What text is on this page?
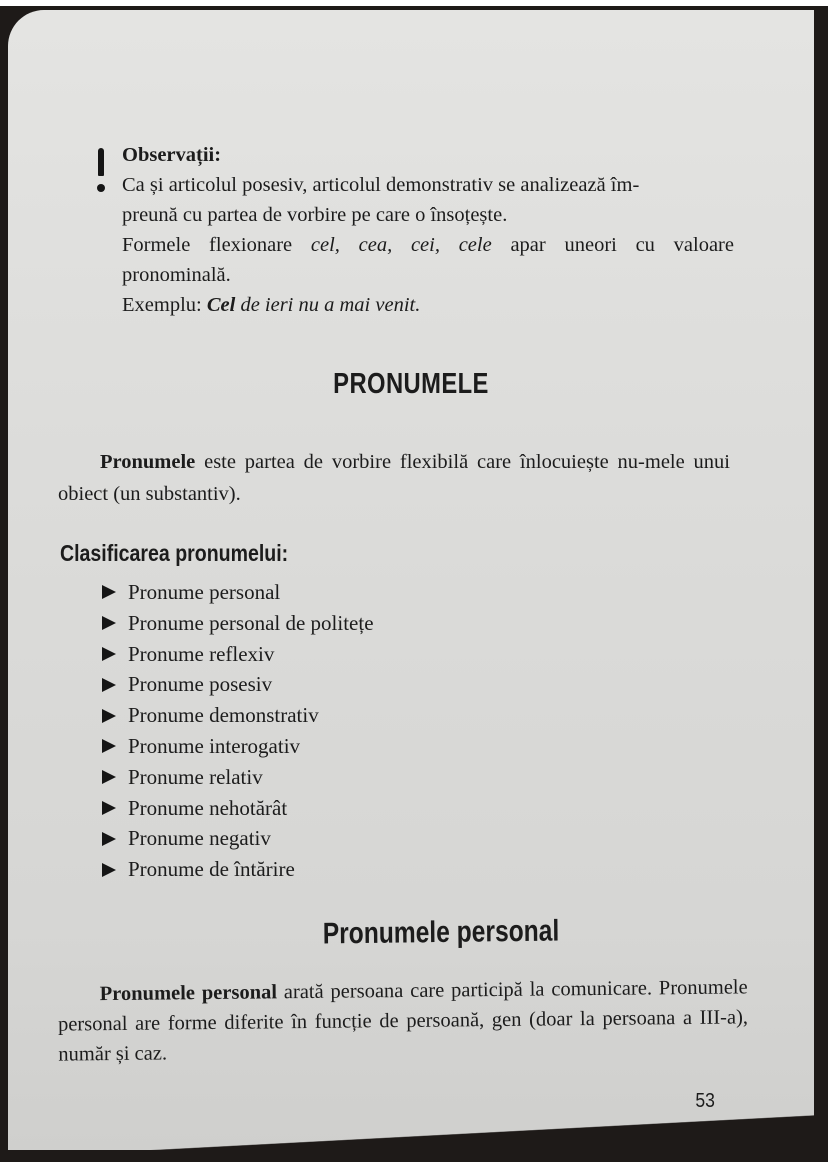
Observații:
Ca și articolul posesiv, articolul demonstrativ se analizează îm-
preună cu partea de vorbire pe care o însoțește.
Formele flexionare cel, cea, cei, cele apar uneori cu valoare
pronominală.
Exemplu: Cel de ieri nu a mai venit.
PRONUMELE
Pronumele este partea de vorbire flexibilă care înlocuiește nu-mele unui obiect (un substantiv).
Clasificarea pronumelui:
Pronume personal
Pronume personal de politețe
Pronume reflexiv
Pronume posesiv
Pronume demonstrativ
Pronume interogativ
Pronume relativ
Pronume nehotărât
Pronume negativ
Pronume de întărire
Pronumele personal
Pronumele personal arată persoana care participă la comunicare. Pronumele personal are forme diferite în funcție de persoană, gen (doar la persoana a III-a), număr și caz.
53
